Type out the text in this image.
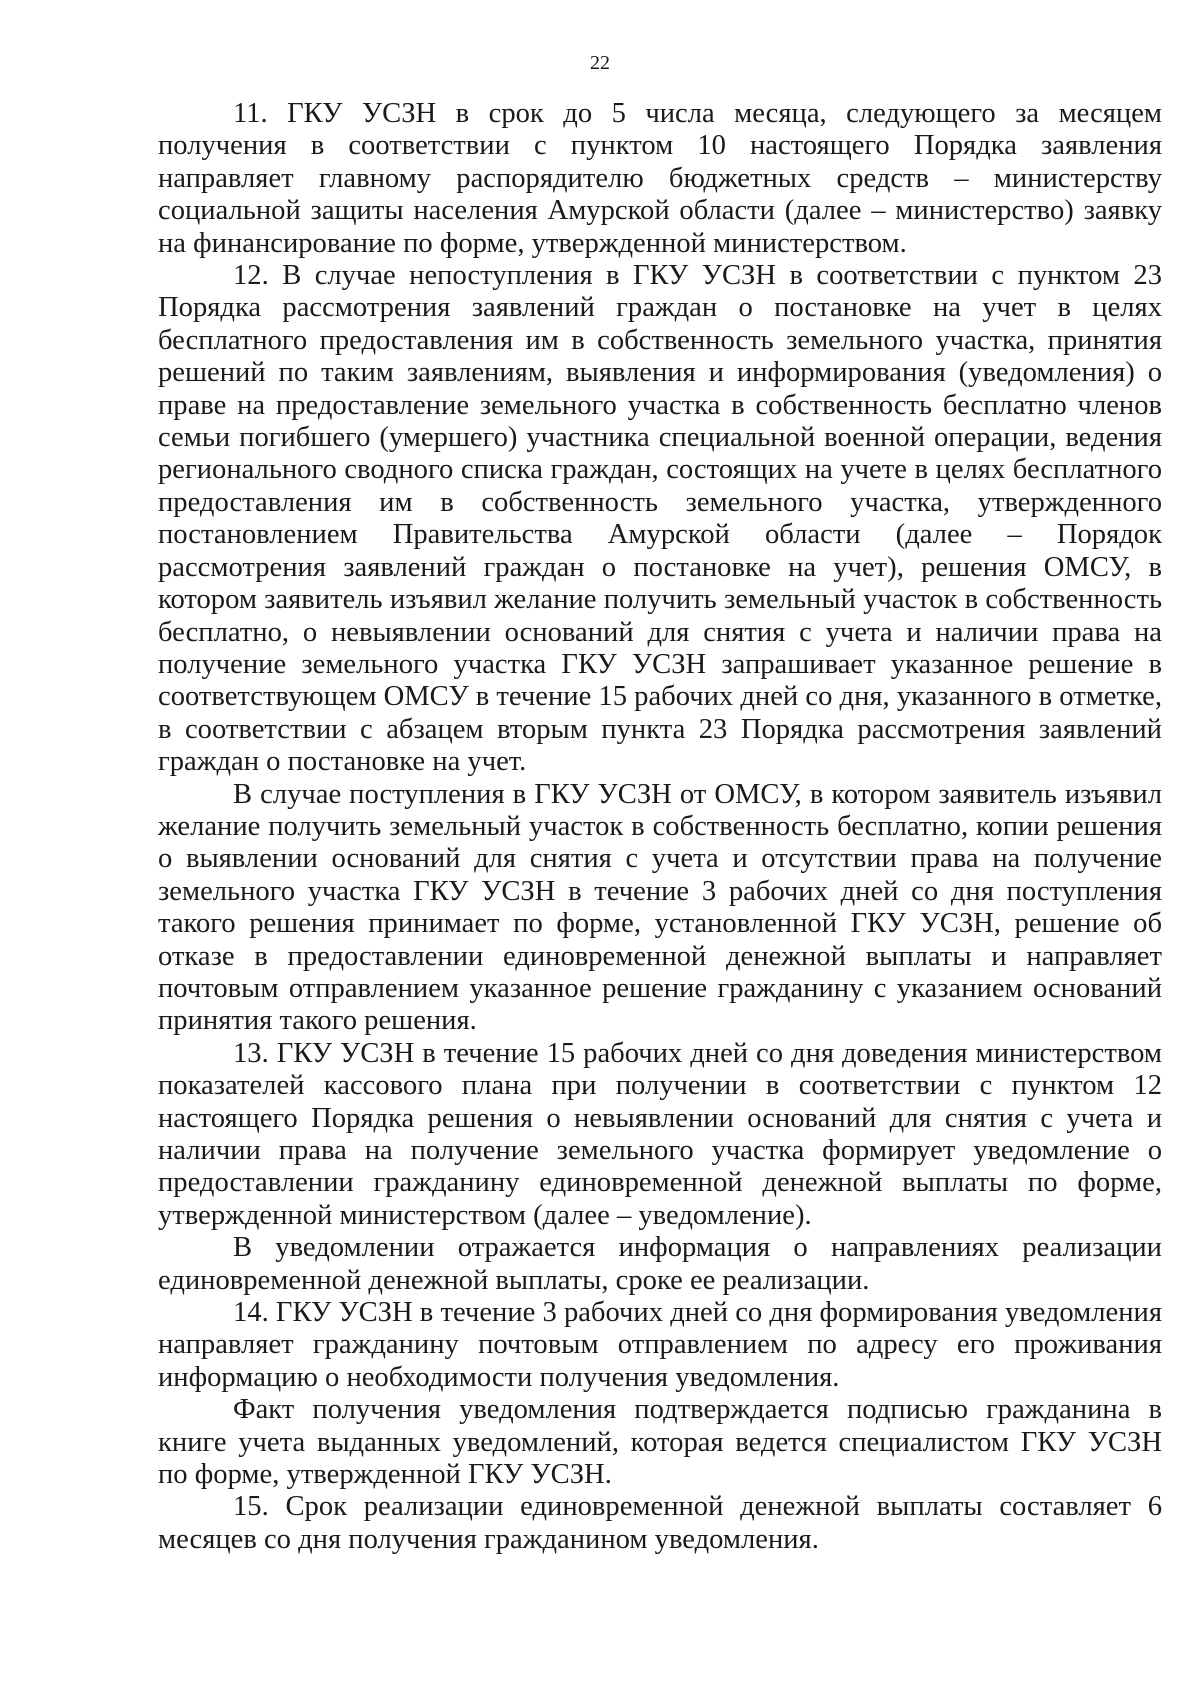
22

11. ГКУ УСЗН в срок до 5 числа месяца, следующего за месяцем получения в соответствии с пунктом 10 настоящего Порядка заявления направляет главному распорядителю бюджетных средств – министерству социальной защиты населения Амурской области (далее – министерство) заявку на финансирование по форме, утвержденной министерством.

12. В случае непоступления в ГКУ УСЗН в соответствии с пунктом 23 Порядка рассмотрения заявлений граждан о постановке на учет в целях бесплатного предоставления им в собственность земельного участка, принятия решений по таким заявлениям, выявления и информирования (уведомления) о праве на предоставление земельного участка в собственность бесплатно членов семьи погибшего (умершего) участника специальной военной операции, ведения регионального сводного списка граждан, состоящих на учете в целях бесплатного предоставления им в собственность земельного участка, утвержденного постановлением Правительства Амурской области (далее – Порядок рассмотрения заявлений граждан о постановке на учет), решения ОМСУ, в котором заявитель изъявил желание получить земельный участок в собственность бесплатно, о невыявлении оснований для снятия с учета и наличии права на получение земельного участка ГКУ УСЗН запрашивает указанное решение в соответствующем ОМСУ в течение 15 рабочих дней со дня, указанного в отметке, в соответствии с абзацем вторым пункта 23 Порядка рассмотрения заявлений граждан о постановке на учет.

В случае поступления в ГКУ УСЗН от ОМСУ, в котором заявитель изъявил желание получить земельный участок в собственность бесплатно, копии решения о выявлении оснований для снятия с учета и отсутствии права на получение земельного участка ГКУ УСЗН в течение 3 рабочих дней со дня поступления такого решения принимает по форме, установленной ГКУ УСЗН, решение об отказе в предоставлении единовременной денежной выплаты и направляет почтовым отправлением указанное решение гражданину с указанием оснований принятия такого решения.

13. ГКУ УСЗН в течение 15 рабочих дней со дня доведения министерством показателей кассового плана при получении в соответствии с пунктом 12 настоящего Порядка решения о невыявлении оснований для снятия с учета и наличии права на получение земельного участка формирует уведомление о предоставлении гражданину единовременной денежной выплаты по форме, утвержденной министерством (далее – уведомление).

В уведомлении отражается информация о направлениях реализации единовременной денежной выплаты, сроке ее реализации.

14. ГКУ УСЗН в течение 3 рабочих дней со дня формирования уведомления направляет гражданину почтовым отправлением по адресу его проживания информацию о необходимости получения уведомления.

Факт получения уведомления подтверждается подписью гражданина в книге учета выданных уведомлений, которая ведется специалистом ГКУ УСЗН по форме, утвержденной ГКУ УСЗН.

15. Срок реализации единовременной денежной выплаты составляет 6 месяцев со дня получения гражданином уведомления.
